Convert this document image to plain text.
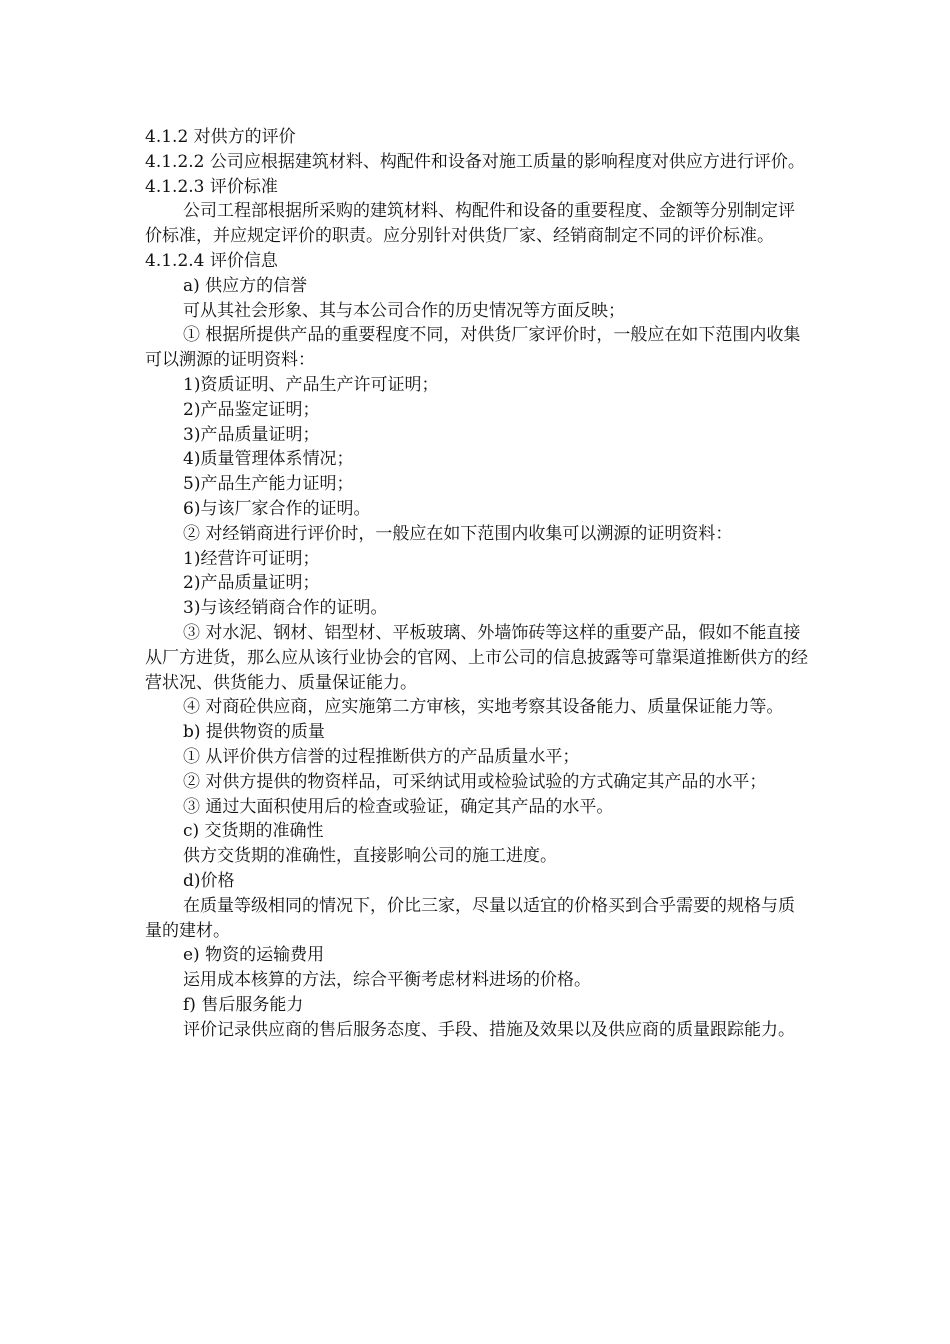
4.1.2 对供方的评价

4.1.2.2 公司应根据建筑材料、构配件和设备对施工质量的影响程度对供应方进行评价。

4.1.2.3 评价标准

公司工程部根据所采购的建筑材料、构配件和设备的重要程度、金额等分别制定评价标准，并应规定评价的职责。应分别针对供货厂家、经销商制定不同的评价标准。

4.1.2.4 评价信息

a) 供应方的信誉

可从其社会形象、其与本公司合作的历史情况等方面反映；

① 根据所提供产品的重要程度不同，对供货厂家评价时，一般应在如下范围内收集可以溯源的证明资料：

1)资质证明、产品生产许可证明；

2)产品鉴定证明；

3)产品质量证明；

4)质量管理体系情况；

5)产品生产能力证明；

6)与该厂家合作的证明。

② 对经销商进行评价时，一般应在如下范围内收集可以溯源的证明资料：

1)经营许可证明；

2)产品质量证明；

3)与该经销商合作的证明。

③ 对水泥、钢材、铝型材、平板玻璃、外墙饰砖等这样的重要产品，假如不能直接从厂方进货，那么应从该行业协会的官网、上市公司的信息披露等可靠渠道推断供方的经营状况、供货能力、质量保证能力。

④ 对商砼供应商，应实施第二方审核，实地考察其设备能力、质量保证能力等。

b) 提供物资的质量

① 从评价供方信誉的过程推断供方的产品质量水平；

② 对供方提供的物资样品，可采纳试用或检验试验的方式确定其产品的水平；

③ 通过大面积使用后的检查或验证，确定其产品的水平。

c) 交货期的准确性

供方交货期的准确性，直接影响公司的施工进度。

d)价格

在质量等级相同的情况下，价比三家，尽量以适宜的价格买到合乎需要的规格与质量的建材。

e) 物资的运输费用

运用成本核算的方法，综合平衡考虑材料进场的价格。

f) 售后服务能力

评价记录供应商的售后服务态度、手段、措施及效果以及供应商的质量跟踪能力。
